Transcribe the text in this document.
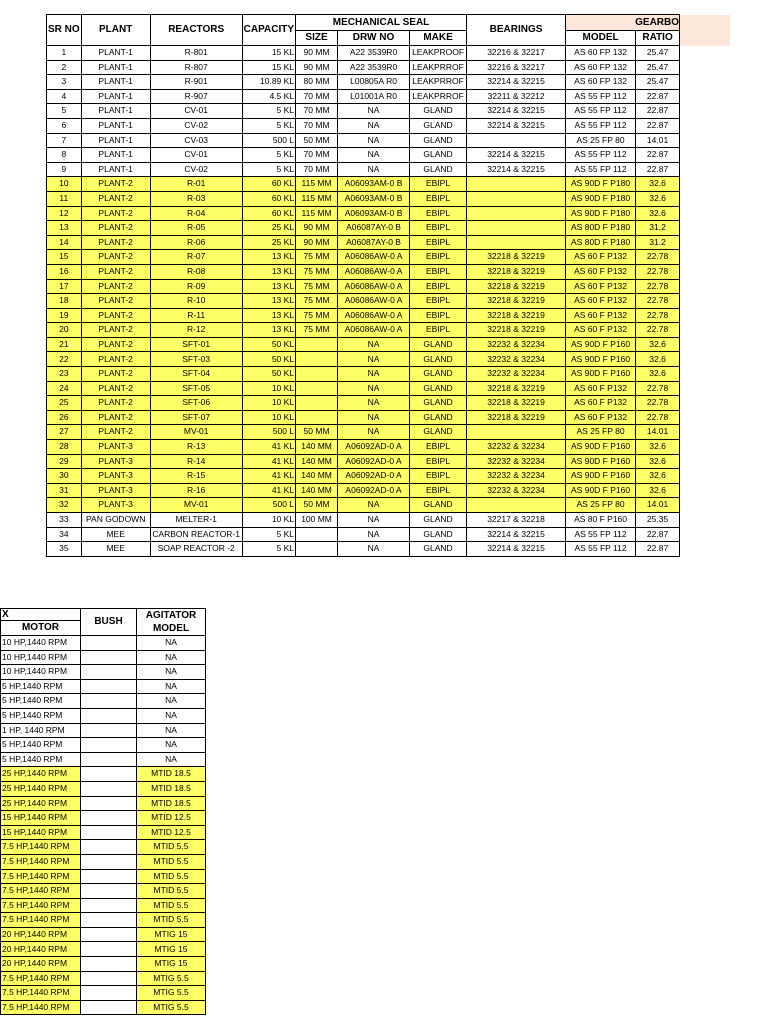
SR NO	PLANT	REACTORS	CAPACITY	MECHANICAL SEAL			BEARINGS	GEARBO	
				SIZE	DRW NO	MAKE		MODEL	RATIO
1	PLANT-1	R-801	15 KL	90 MM	A22 3539R0	LEAKPROOF	32216 & 32217	AS 60 FP 132	25.47
2	PLANT-1	R-807	15 KL	90 MM	A22 3539R0	LEAKPRROF	32216 & 32217	AS 60 FP 132	25.47
3	PLANT-1	R-901	10.89 KL	80 MM	L00805A R0	LEAKPRROF	32214 & 32215	AS 60 FP 132	25.47
4	PLANT-1	R-907	4.5 KL	70 MM	L01001A R0	LEAKPRROF	32211 & 32212	AS 55 FP 112	22.87
5	PLANT-1	CV-01	5 KL	70 MM	NA	GLAND	32214 & 32215	AS 55 FP 112	22.87
6	PLANT-1	CV-02	5 KL	70 MM	NA	GLAND	32214 & 32215	AS 55 FP 112	22.87
7	PLANT-1	CV-03	500 L	50 MM	NA	GLAND		AS 25 FP 80	14.01
8	PLANT-1	CV-01	5 KL	70 MM	NA	GLAND	32214 & 32215	AS 55 FP 112	22.87
9	PLANT-1	CV-02	5 KL	70 MM	NA	GLAND	32214 & 32215	AS 55 FP 112	22.87
10	PLANT-2	R-01	60 KL	115 MM	A06093AM-0 B	EBIPL		AS 90D F P180	32.6
11	PLANT-2	R-03	60 KL	115 MM	A06093AM-0 B	EBIPL		AS 90D F P180	32.6
12	PLANT-2	R-04	60 KL	115 MM	A06093AM-0 B	EBIPL		AS 90D F P180	32.6
13	PLANT-2	R-05	25 KL	90 MM	A06087AY-0 B	EBIPL		AS 80D F P180	31.2
14	PLANT-2	R-06	25 KL	90 MM	A06087AY-0 B	EBIPL		AS 80D F P180	31.2
15	PLANT-2	R-07	13 KL	75 MM	A06086AW-0 A	EBIPL	32218 & 32219	AS 60 F P132	22.78
16	PLANT-2	R-08	13 KL	75 MM	A06086AW-0 A	EBIPL	32218 & 32219	AS 60 F P132	22.78
17	PLANT-2	R-09	13 KL	75 MM	A06086AW-0 A	EBIPL	32218 & 32219	AS 60 F P132	22.78
18	PLANT-2	R-10	13 KL	75 MM	A06086AW-0 A	EBIPL	32218 & 32219	AS 60 F P132	22.78
19	PLANT-2	R-11	13 KL	75 MM	A06086AW-0 A	EBIPL	32218 & 32219	AS 60 F P132	22.78
20	PLANT-2	R-12	13 KL	75 MM	A06086AW-0 A	EBIPL	32218 & 32219	AS 60 F P132	22.78
21	PLANT-2	SFT-01	50 KL		NA	GLAND	32232 & 32234	AS 90D F P160	32.6
22	PLANT-2	SFT-03	50 KL		NA	GLAND	32232 & 32234	AS 90D F P160	32.6
23	PLANT-2	SFT-04	50 KL		NA	GLAND	32232 & 32234	AS 90D F P160	32.6
24	PLANT-2	SFT-05	10 KL		NA	GLAND	32218 & 32219	AS 60 F P132	22.78
25	PLANT-2	SFT-06	10 KL		NA	GLAND	32218 & 32219	AS 60 F P132	22.78
26	PLANT-2	SFT-07	10 KL		NA	GLAND	32218 & 32219	AS 60 F P132	22.78
27	PLANT-2	MV-01	500 L	50 MM	NA	GLAND		AS 25 FP 80	14.01
28	PLANT-3	R-13	41 KL	140 MM	A06092AD-0 A	EBIPL	32232 & 32234	AS 90D F P160	32.6
29	PLANT-3	R-14	41 KL	140 MM	A06092AD-0 A	EBIPL	32232 & 32234	AS 90D F P160	32.6
30	PLANT-3	R-15	41 KL	140 MM	A06092AD-0 A	EBIPL	32232 & 32234	AS 90D F P160	32.6
31	PLANT-3	R-16	41 KL	140 MM	A06092AD-0 A	EBIPL	32232 & 32234	AS 90D F P160	32.6
32	PLANT-3	MV-01	500 L	50 MM	NA	GLAND		AS 25 FP 80	14.01
33	PAN GODOWN	MELTER-1	10 KL	100 MM	NA	GLAND	32217 & 32218	AS 80 F P160	25.35
34	MEE	CARBON REACTOR-1	5 KL		NA	GLAND	32214 & 32215	AS 55 FP 112	22.87
35	MEE	SOAP REACTOR -2	5 KL		NA	GLAND	32214 & 32215	AS 55 FP 112	22.87
X	BUSH	AGITATOR MODEL
MOTOR		
10 HP,1440 RPM		NA
10 HP,1440 RPM		NA
10 HP,1440 RPM		NA
5 HP,1440 RPM		NA
5 HP,1440 RPM		NA
5 HP,1440 RPM		NA
1 HP, 1440 RPM		NA
5 HP,1440 RPM		NA
5 HP,1440 RPM		NA
25 HP,1440 RPM		MTID 18.5
25 HP,1440 RPM		MTID 18.5
25 HP,1440 RPM		MTID 18.5
15 HP,1440 RPM		MTID 12.5
15 HP,1440 RPM		MTID 12.5
7.5 HP,1440 RPM		MTID 5.5
7.5 HP,1440 RPM		MTID 5.5
7.5 HP,1440 RPM		MTID 5.5
7.5 HP,1440 RPM		MTID 5.5
7.5 HP,1440 RPM		MTID 5.5
7.5 HP,1440 RPM		MTID 5.5
20 HP,1440 RPM		MTIG 15
20 HP,1440 RPM		MTIG 15
20 HP,1440 RPM		MTIG 15
7.5 HP,1440 RPM		MTIG 5.5
7.5 HP,1440 RPM		MTIG 5.5
7.5 HP,1440 RPM		MTIG 5.5
